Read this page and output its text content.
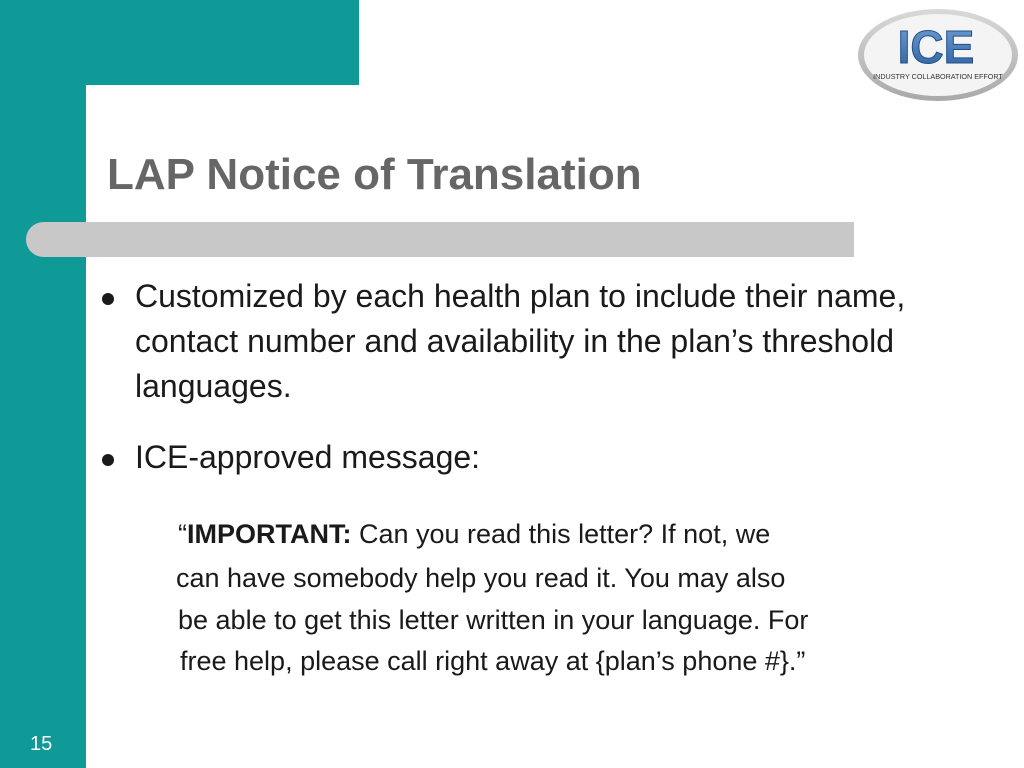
ICE
INDUSTRY COLLABORATION EFFORT
LAP Notice of Translation
Customized by each health plan to include their name, contact number and availability in the plan’s threshold languages.
ICE-approved message:
“IMPORTANT: Can you read this letter? If not, we
can have somebody help you read it. You may also
be able to get this letter written in your language. For
free help, please call right away at {plan’s phone #}.”
15
